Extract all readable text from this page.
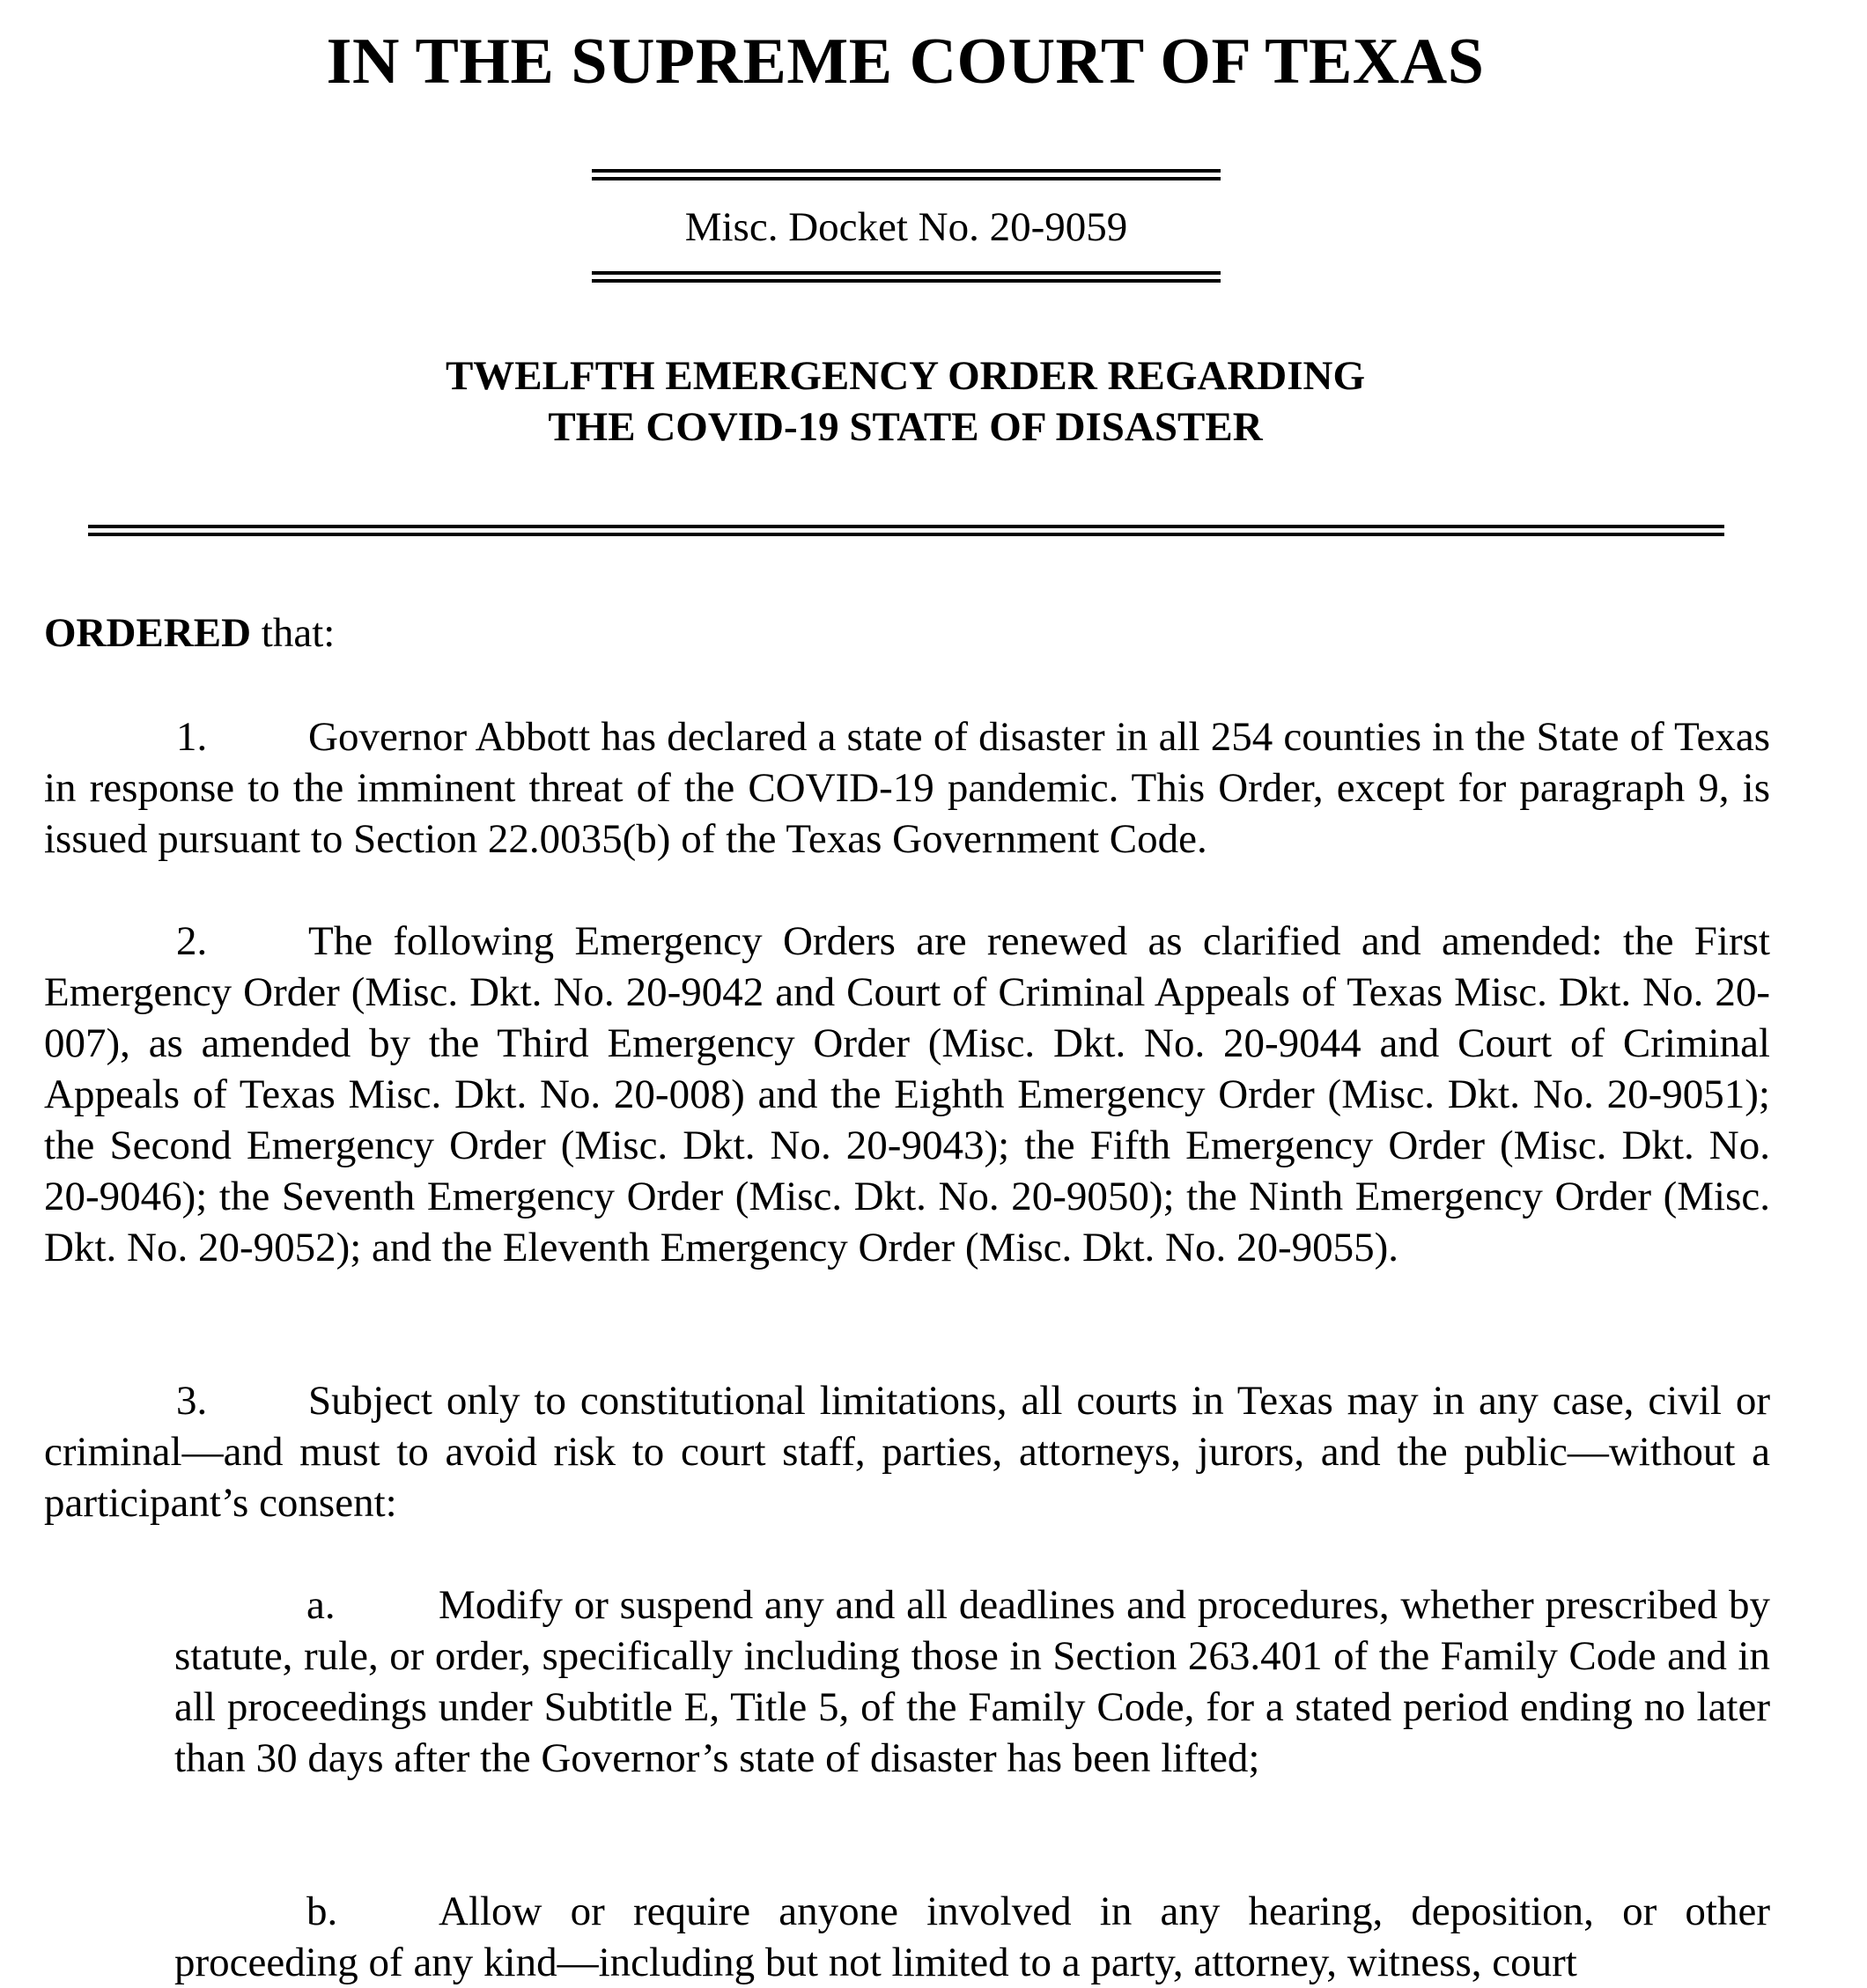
IN THE SUPREME COURT OF TEXAS
Misc. Docket No. 20-9059
TWELFTH EMERGENCY ORDER REGARDING
THE COVID-19 STATE OF DISASTER
ORDERED that:
1. Governor Abbott has declared a state of disaster in all 254 counties in the State of Texas in response to the imminent threat of the COVID-19 pandemic. This Order, except for paragraph 9, is issued pursuant to Section 22.0035(b) of the Texas Government Code.
2. The following Emergency Orders are renewed as clarified and amended: the First Emergency Order (Misc. Dkt. No. 20-9042 and Court of Criminal Appeals of Texas Misc. Dkt. No. 20-007), as amended by the Third Emergency Order (Misc. Dkt. No. 20-9044 and Court of Criminal Appeals of Texas Misc. Dkt. No. 20-008) and the Eighth Emergency Order (Misc. Dkt. No. 20-9051); the Second Emergency Order (Misc. Dkt. No. 20-9043); the Fifth Emergency Order (Misc. Dkt. No. 20-9046); the Seventh Emergency Order (Misc. Dkt. No. 20-9050); the Ninth Emergency Order (Misc. Dkt. No. 20-9052); and the Eleventh Emergency Order (Misc. Dkt. No. 20-9055).
3. Subject only to constitutional limitations, all courts in Texas may in any case, civil or criminal—and must to avoid risk to court staff, parties, attorneys, jurors, and the public—without a participant’s consent:
a. Modify or suspend any and all deadlines and procedures, whether prescribed by statute, rule, or order, specifically including those in Section 263.401 of the Family Code and in all proceedings under Subtitle E, Title 5, of the Family Code, for a stated period ending no later than 30 days after the Governor’s state of disaster has been lifted;
b. Allow or require anyone involved in any hearing, deposition, or other proceeding of any kind—including but not limited to a party, attorney, witness, court
